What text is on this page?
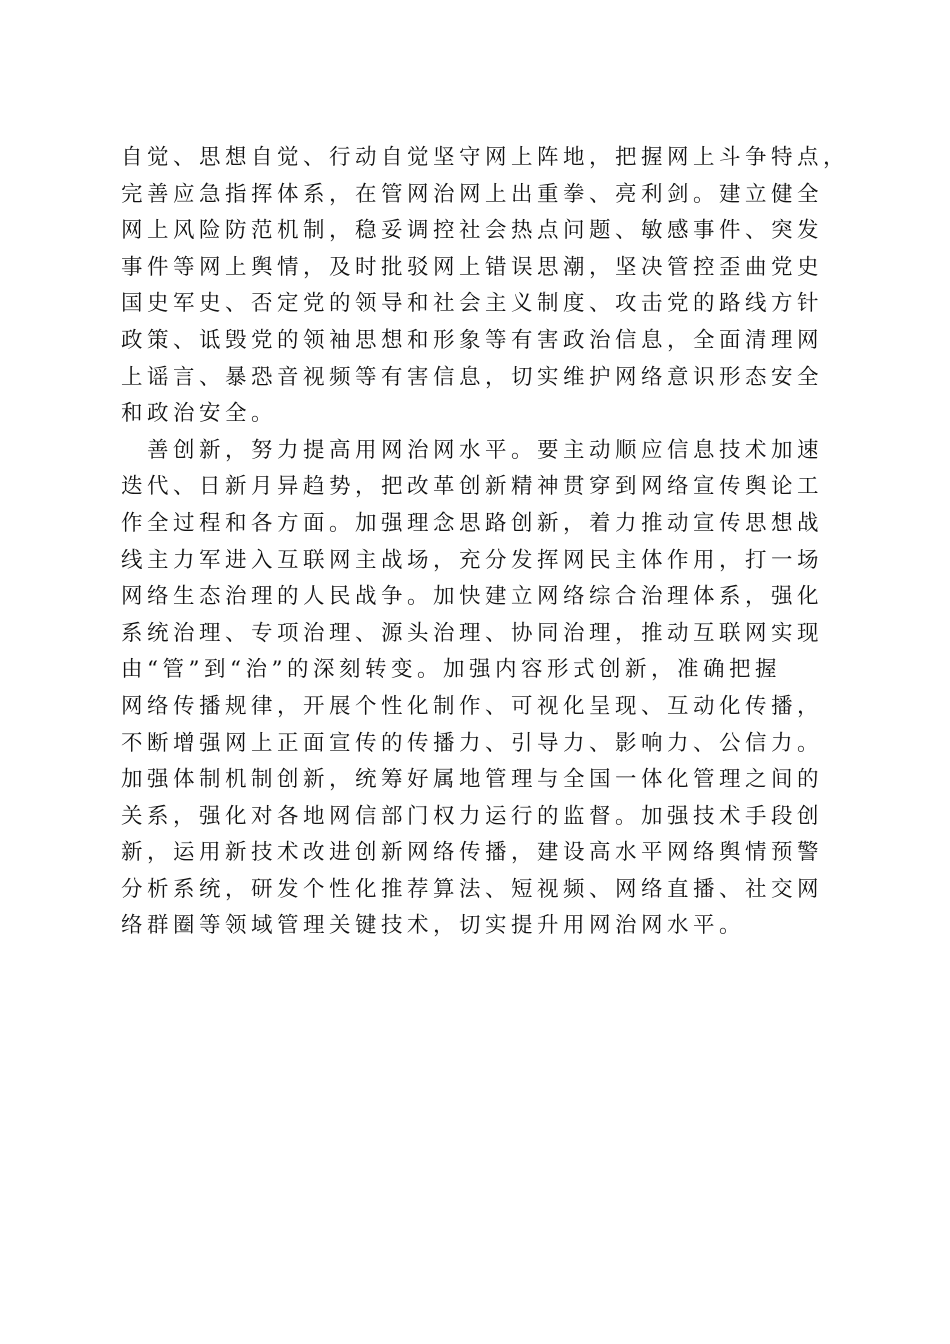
自觉、思想自觉、行动自觉坚守网上阵地，把握网上斗争特点，
完善应急指挥体系，在管网治网上出重拳、亮利剑。建立健全
网上风险防范机制，稳妥调控社会热点问题、敏感事件、突发
事件等网上舆情，及时批驳网上错误思潮，坚决管控歪曲党史
国史军史、否定党的领导和社会主义制度、攻击党的路线方针
政策、诋毁党的领袖思想和形象等有害政治信息，全面清理网
上谣言、暴恐音视频等有害信息，切实维护网络意识形态安全
和政治安全。
　善创新，努力提高用网治网水平。要主动顺应信息技术加速
迭代、日新月异趋势，把改革创新精神贯穿到网络宣传舆论工
作全过程和各方面。加强理念思路创新，着力推动宣传思想战
线主力军进入互联网主战场，充分发挥网民主体作用，打一场
网络生态治理的人民战争。加快建立网络综合治理体系，强化
系统治理、专项治理、源头治理、协同治理，推动互联网实现
由“管”到“治”的深刻转变。加强内容形式创新，准确把握
网络传播规律，开展个性化制作、可视化呈现、互动化传播，
不断增强网上正面宣传的传播力、引导力、影响力、公信力。
加强体制机制创新，统筹好属地管理与全国一体化管理之间的
关系，强化对各地网信部门权力运行的监督。加强技术手段创
新，运用新技术改进创新网络传播，建设高水平网络舆情预警
分析系统，研发个性化推荐算法、短视频、网络直播、社交网
络群圈等领域管理关键技术，切实提升用网治网水平。
